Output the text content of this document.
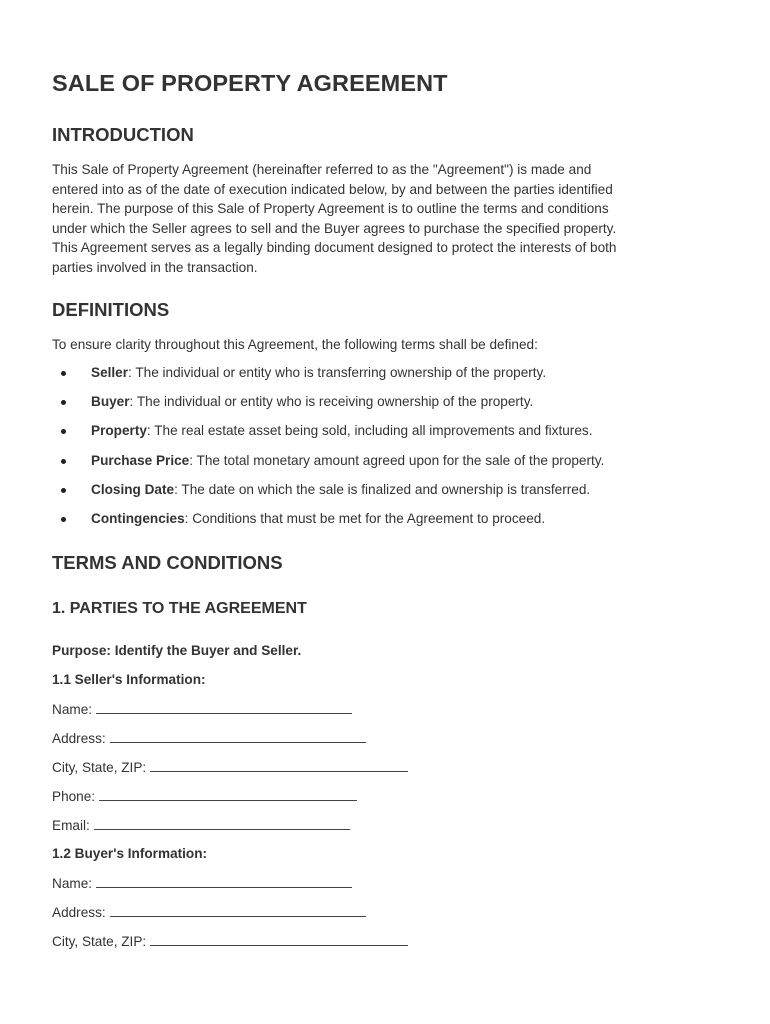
SALE OF PROPERTY AGREEMENT
INTRODUCTION
This Sale of Property Agreement (hereinafter referred to as the "Agreement") is made and
entered into as of the date of execution indicated below, by and between the parties identified
herein. The purpose of this Sale of Property Agreement is to outline the terms and conditions
under which the Seller agrees to sell and the Buyer agrees to purchase the specified property.
This Agreement serves as a legally binding document designed to protect the interests of both
parties involved in the transaction.
DEFINITIONS

To ensure clarity throughout this Agreement, the following terms shall be defined:

Seller: The individual or entity who is transferring ownership of the property.
Buyer: The individual or entity who is receiving ownership of the property.
Property: The real estate asset being sold, including all improvements and fixtures.
Purchase Price: The total monetary amount agreed upon for the sale of the property.
Closing Date: The date on which the sale is finalized and ownership is transferred.
Contingencies: Conditions that must be met for the Agreement to proceed.
TERMS AND CONDITIONS
1. PARTIES TO THE AGREEMENT

Purpose: Identify the Buyer and Seller.

1.1 Seller's Information:

Name:

Address:

City, State, ZIP:

Phone:

Email:

1.2 Buyer's Information:

Name:

Address:

City, State, ZIP:
